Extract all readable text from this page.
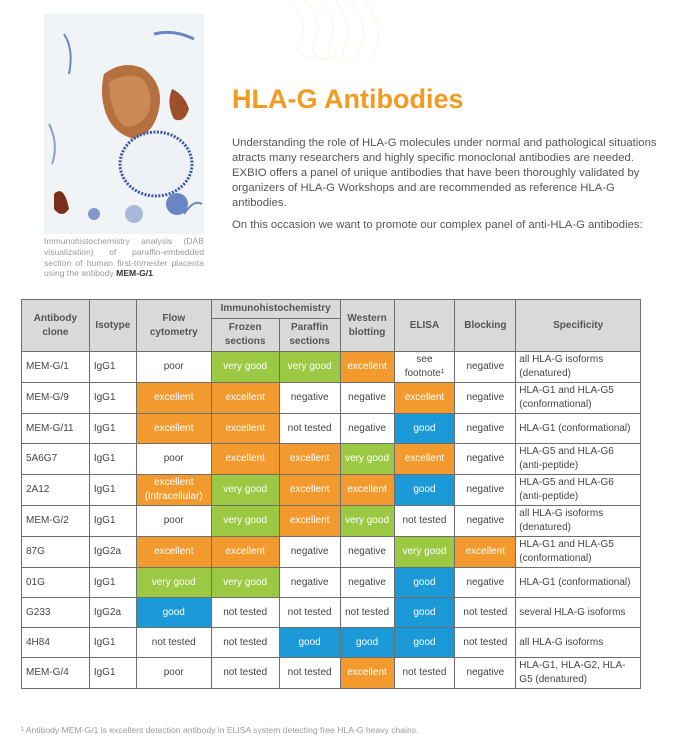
Immunohistochemistry analysis (DAB visualization) of paraffin-embedded section of human first-trimester placenta using the antibody MEM-G/1
HLA-G Antibodies

Understanding the role of HLA-G molecules under normal and pathological situations atracts many researchers and highly specific monoclonal antibodies are needed. EXBIO offers a panel of unique antibodies that have been thoroughly validated by organizers of HLA-G Workshops and are recommended as reference HLA-G antibodies.

On this occasion we want to promote our complex panel of anti-HLA-G antibodies:

Antibody clone	Isotype	Flow cytometry	Immunohistochemistry		Western blotting	ELISA	Blocking	Specificity
			Frozen sections	Paraffin sections				
MEM-G/1	IgG1	poor	very good	very good	excellent	see footnote¹	negative	all HLA-G isoforms (denatured)
MEM-G/9	IgG1	excellent	excellent	negative	negative	excellent	negative	HLA-G1 and HLA-G5 (conformational)
MEM-G/11	IgG1	excellent	excellent	not tested	negative	good	negative	HLA-G1 (conformational)
5A6G7	IgG1	poor	excellent	excellent	very good	excellent	negative	HLA-G5 and HLA-G6 (anti-peptide)
2A12	IgG1	excellent (intracellular)	very good	excellent	excellent	good	negative	HLA-G5 and HLA-G6 (anti-peptide)
MEM-G/2	IgG1	poor	very good	excellent	very good	not tested	negative	all HLA-G isoforms (denatured)
87G	IgG2a	excellent	excellent	negative	negative	very good	excellent	HLA-G1 and HLA-G5 (conformational)
01G	IgG1	very good	very good	negative	negative	good	negative	HLA-G1 (conformational)
G233	IgG2a	good	not tested	not tested	not tested	good	not tested	several HLA-G isoforms
4H84	IgG1	not tested	not tested	good	good	good	not tested	all HLA-G isoforms
MEM-G/4	IgG1	poor	not tested	not tested	excellent	not tested	negative	HLA-G1, HLA-G2, HLA-G5 (denatured)
¹ Antibody MEM-G/1 is excellent detection antibody in ELISA system detecting free HLA-G heavy chains.
